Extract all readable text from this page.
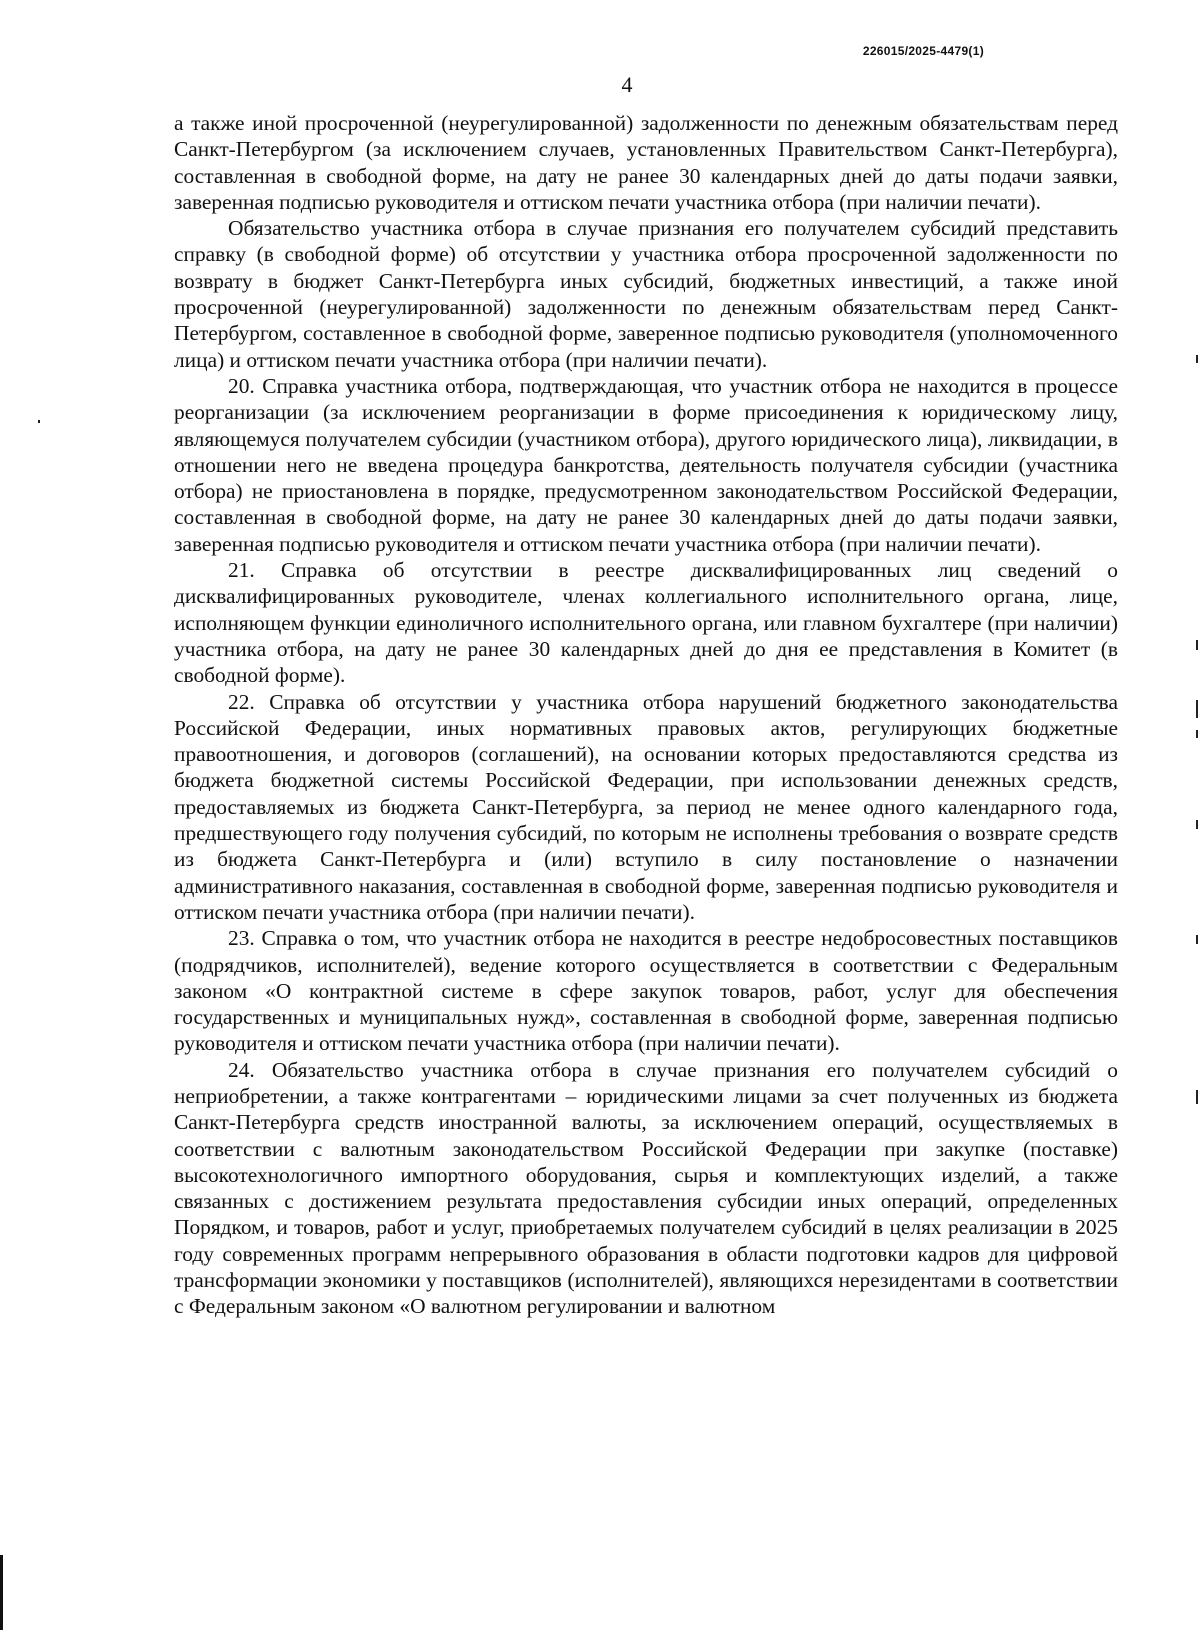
226015/2025-4479(1)
4

а также иной просроченной (неурегулированной) задолженности по денежным обязательствам перед Санкт-Петербургом (за исключением случаев, установленных Правительством Санкт-Петербурга), составленная в свободной форме, на дату не ранее 30 календарных дней до даты подачи заявки, заверенная подписью руководителя и оттиском печати участника отбора (при наличии печати).

Обязательство участника отбора в случае признания его получателем субсидий представить справку (в свободной форме) об отсутствии у участника отбора просроченной задолженности по возврату в бюджет Санкт-Петербурга иных субсидий, бюджетных инвестиций, а также иной просроченной (неурегулированной) задолженности по денежным обязательствам перед Санкт-Петербургом, составленное в свободной форме, заверенное подписью руководителя (уполномоченного лица) и оттиском печати участника отбора (при наличии печати).

20. Справка участника отбора, подтверждающая, что участник отбора не находится в процессе реорганизации (за исключением реорганизации в форме присоединения к юридическому лицу, являющемуся получателем субсидии (участником отбора), другого юридического лица), ликвидации, в отношении него не введена процедура банкротства, деятельность получателя субсидии (участника отбора) не приостановлена в порядке, предусмотренном законодательством Российской Федерации, составленная в свободной форме, на дату не ранее 30 календарных дней до даты подачи заявки, заверенная подписью руководителя и оттиском печати участника отбора (при наличии печати).

21. Справка об отсутствии в реестре дисквалифицированных лиц сведений о дисквалифицированных руководителе, членах коллегиального исполнительного органа, лице, исполняющем функции единоличного исполнительного органа, или главном бухгалтере (при наличии) участника отбора, на дату не ранее 30 календарных дней до дня ее представления в Комитет (в свободной форме).

22. Справка об отсутствии у участника отбора нарушений бюджетного законодательства Российской Федерации, иных нормативных правовых актов, регулирующих бюджетные правоотношения, и договоров (соглашений), на основании которых предоставляются средства из бюджета бюджетной системы Российской Федерации, при использовании денежных средств, предоставляемых из бюджета Санкт-Петербурга, за период не менее одного календарного года, предшествующего году получения субсидий, по которым не исполнены требования о возврате средств из бюджета Санкт-Петербурга и (или) вступило в силу постановление о назначении административного наказания, составленная в свободной форме, заверенная подписью руководителя и оттиском печати участника отбора (при наличии печати).

23. Справка о том, что участник отбора не находится в реестре недобросовестных поставщиков (подрядчиков, исполнителей), ведение которого осуществляется в соответствии с Федеральным законом «О контрактной системе в сфере закупок товаров, работ, услуг для обеспечения государственных и муниципальных нужд», составленная в свободной форме, заверенная подписью руководителя и оттиском печати участника отбора (при наличии печати).

24. Обязательство участника отбора в случае признания его получателем субсидий о неприобретении, а также контрагентами – юридическими лицами за счет полученных из бюджета Санкт-Петербурга средств иностранной валюты, за исключением операций, осуществляемых в соответствии с валютным законодательством Российской Федерации при закупке (поставке) высокотехнологичного импортного оборудования, сырья и комплектующих изделий, а также связанных с достижением результата предоставления субсидии иных операций, определенных Порядком, и товаров, работ и услуг, приобретаемых получателем субсидий в целях реализации в 2025 году современных программ непрерывного образования в области подготовки кадров для цифровой трансформации экономики у поставщиков (исполнителей), являющихся нерезидентами в соответствии с Федеральным законом «О валютном регулировании и валютном
